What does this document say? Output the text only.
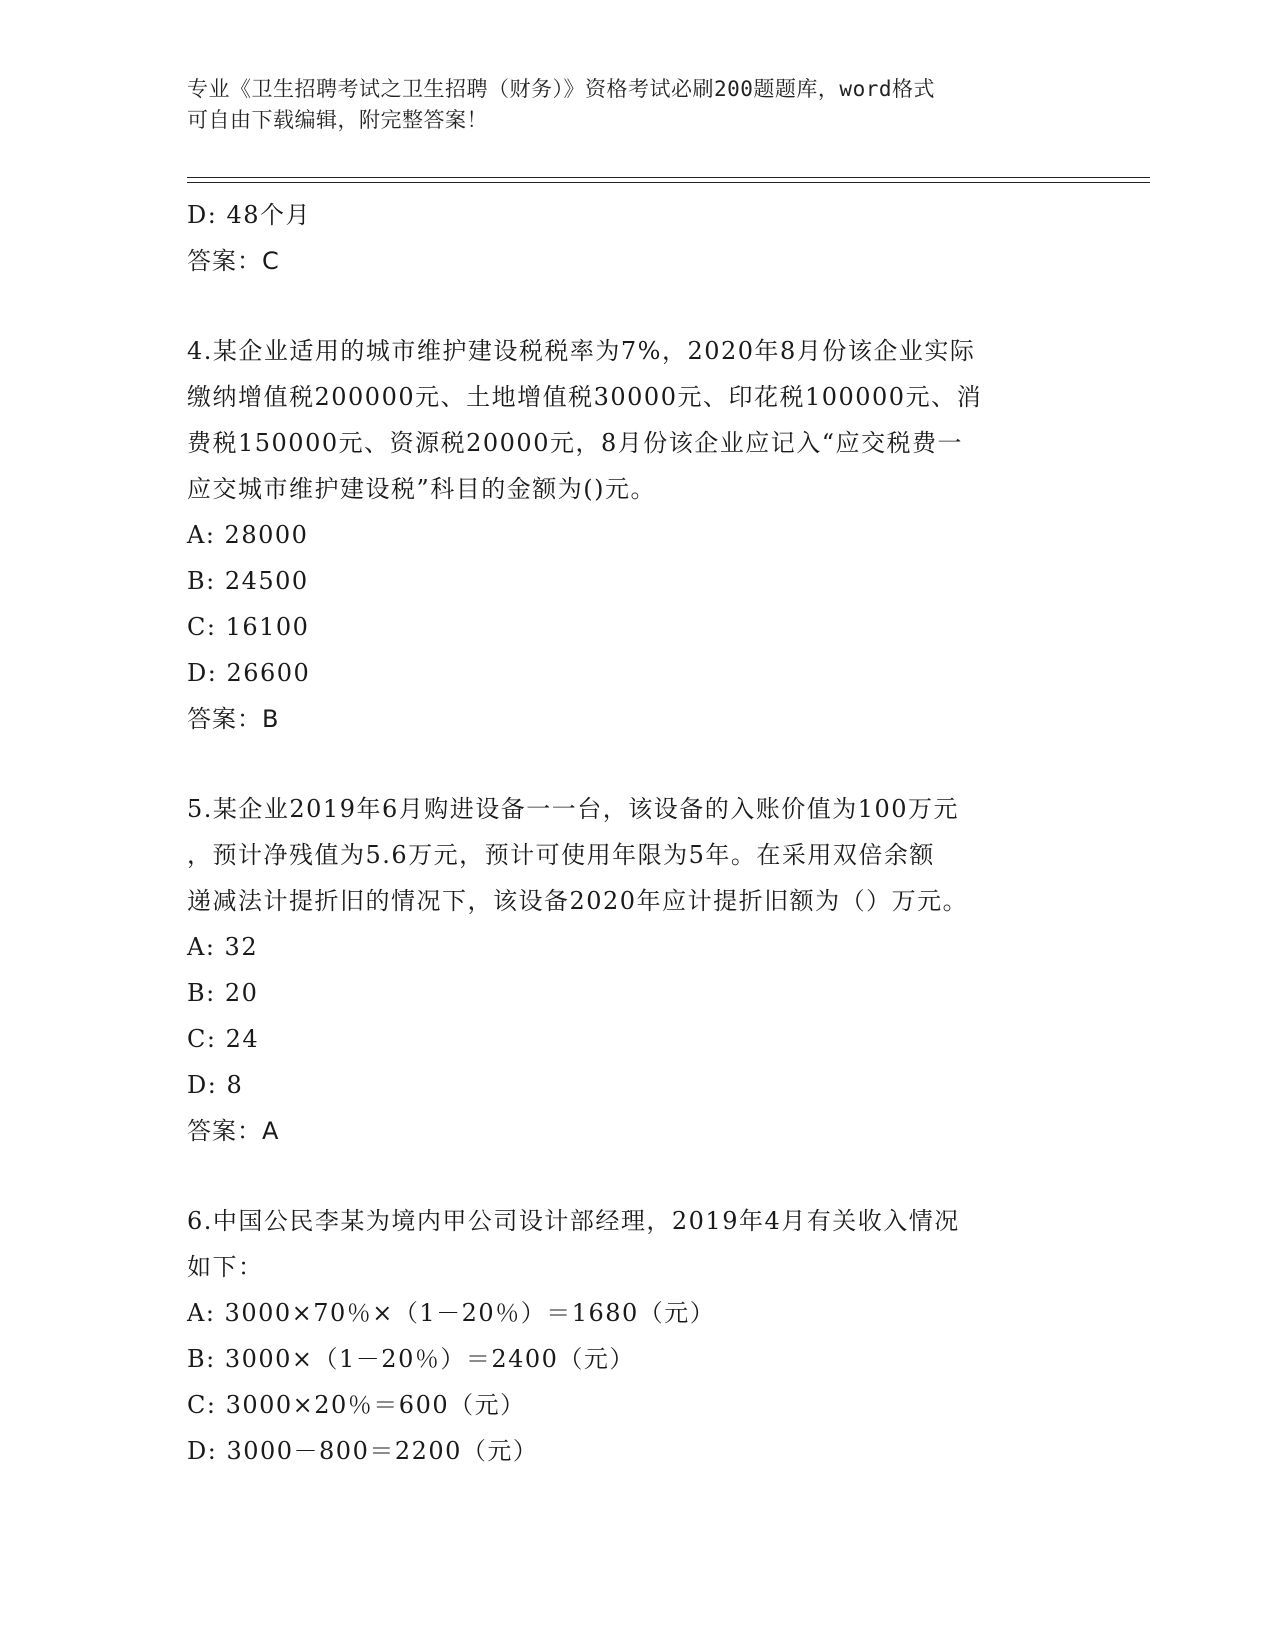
专业《卫生招聘考试之卫生招聘（财务）》资格考试必刷200题题库，word格式
可自由下载编辑，附完整答案！
D: 48个月
答案：C
4.某企业适用的城市维护建设税税率为7%，2020年8月份该企业实际
缴纳增值税200000元、土地增值税30000元、印花税100000元、消
费税150000元、资源税20000元，8月份该企业应记入“应交税费一
应交城市维护建设税”科目的金额为()元。
A: 28000
B: 24500
C: 16100
D: 26600
答案：B
5.某企业2019年6月购进设备一一台，该设备的入账价值为100万元
，预计净残值为5.6万元，预计可使用年限为5年。在采用双倍余额
递减法计提折旧的情况下，该设备2020年应计提折旧额为（）万元。
A: 32
B: 20
C: 24
D: 8
答案：A
6.中国公民李某为境内甲公司设计部经理，2019年4月有关收入情况
如下：
A: 3000×70％×（1－20％）＝1680（元）
B: 3000×（1－20％）＝2400（元）
C: 3000×20％＝600（元）
D: 3000－800＝2200（元）
